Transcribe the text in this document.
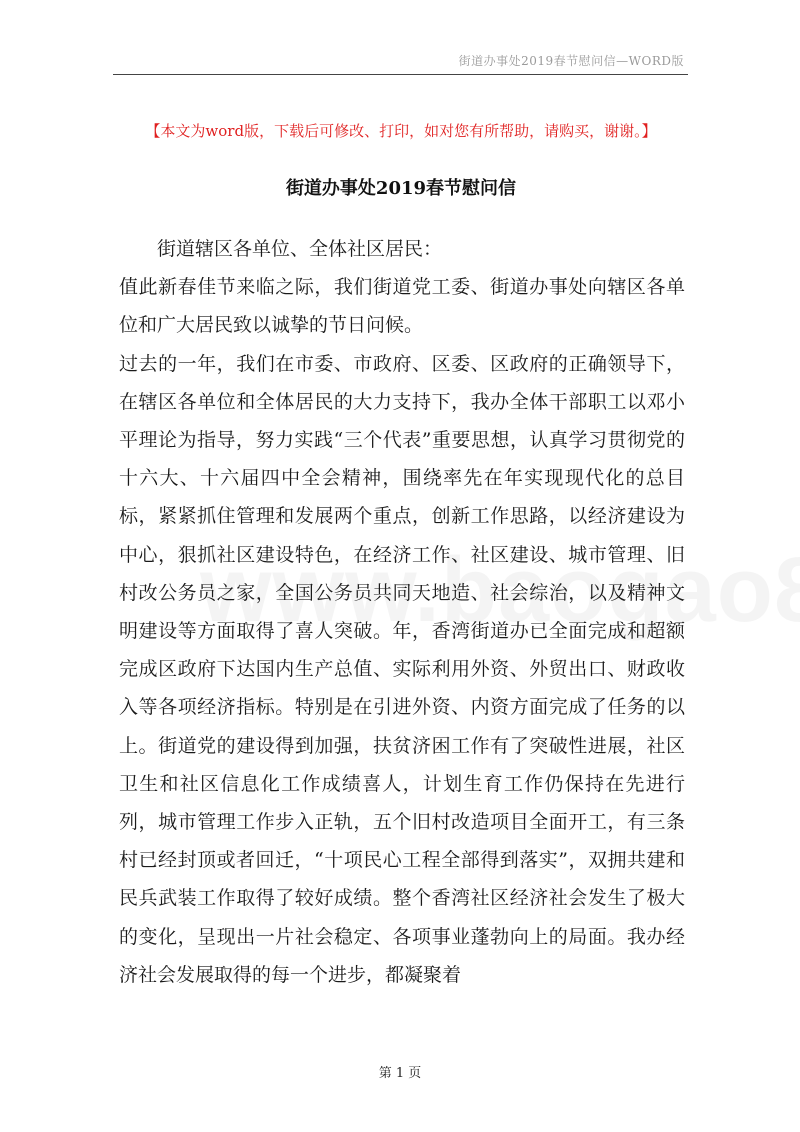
街道办事处2019春节慰问信—WORD版
【本文为word版，下载后可修改、打印，如对您有所帮助，请购买，谢谢。】
街道办事处2019春节慰问信

街道辖区各单位、全体社区居民：

值此新春佳节来临之际，我们街道党工委、街道办事处向辖区各单位和广大居民致以诚挚的节日问候。

过去的一年，我们在市委、市政府、区委、区政府的正确领导下，在辖区各单位和全体居民的大力支持下，我办全体干部职工以邓小平理论为指导，努力实践“三个代表”重要思想，认真学习贯彻党的十六大、十六届四中全会精神，围绕率先在年实现现代化的总目标，紧紧抓住管理和发展两个重点，创新工作思路，以经济建设为中心，狠抓社区建设特色，在经济工作、社区建设、城市管理、旧村改公务员之家，全国公务员共同天地造、社会综治，以及精神文明建设等方面取得了喜人突破。年，香湾街道办已全面完成和超额完成区政府下达国内生产总值、实际利用外资、外贸出口、财政收入等各项经济指标。特别是在引进外资、内资方面完成了任务的以上。街道党的建设得到加强，扶贫济困工作有了突破性进展，社区卫生和社区信息化工作成绩喜人，计划生育工作仍保持在先进行列，城市管理工作步入正轨，五个旧村改造项目全面开工，有三条村已经封顶或者回迁，“十项民心工程全部得到落实”，双拥共建和民兵武装工作取得了较好成绩。整个香湾社区经济社会发生了极大的变化，呈现出一片社会稳定、各项事业蓬勃向上的局面。我办经济社会发展取得的每一个进步，都凝聚着

第 1 页
